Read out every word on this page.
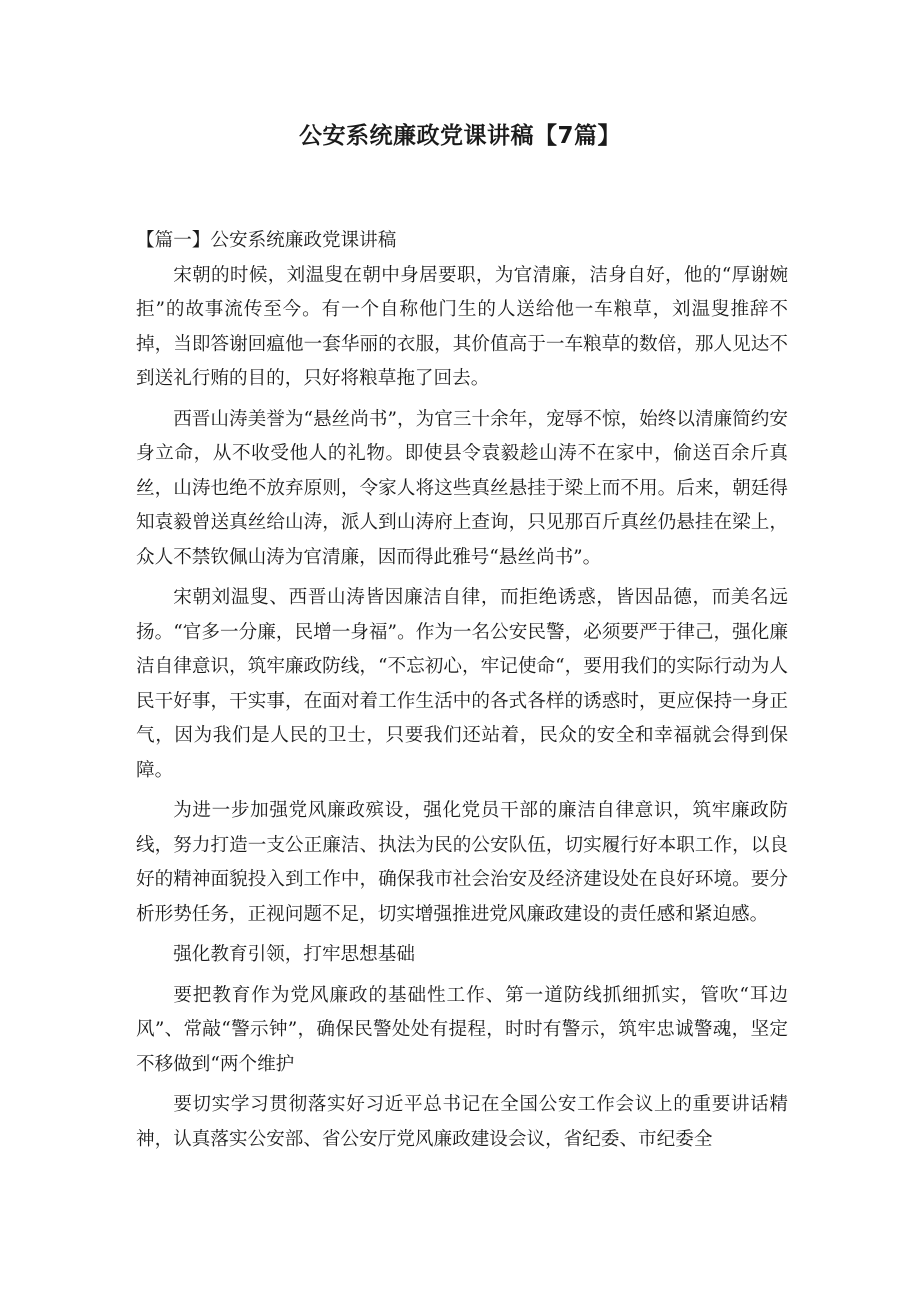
公安系统廉政党课讲稿【7篇】
【篇一】公安系统廉政党课讲稿

宋朝的时候，刘温叟在朝中身居要职，为官清廉，洁身自好，他的“厚谢婉拒”的故事流传至今。有一个自称他门生的人送给他一车粮草，刘温叟推辞不掉，当即答谢回瘟他一套华丽的衣服，其价值高于一车粮草的数倍，那人见达不到送礼行贿的目的，只好将粮草拖了回去。

西晋山涛美誉为“悬丝尚书”，为官三十余年，宠辱不惊，始终以清廉简约安身立命，从不收受他人的礼物。即使县令袁毅趁山涛不在家中，偷送百余斤真丝，山涛也绝不放弃原则，令家人将这些真丝悬挂于梁上而不用。后来，朝廷得知袁毅曾送真丝给山涛，派人到山涛府上查询，只见那百斤真丝仍悬挂在梁上，众人不禁钦佩山涛为官清廉，因而得此雅号“悬丝尚书”。

宋朝刘温叟、西晋山涛皆因廉洁自律，而拒绝诱惑，皆因品德，而美名远扬。“官多一分廉，民增一身福”。作为一名公安民警，必须要严于律己，强化廉洁自律意识，筑牢廉政防线，“不忘初心，牢记使命“，要用我们的实际行动为人民干好事，干实事，在面对着工作生活中的各式各样的诱惑时，更应保持一身正气，因为我们是人民的卫士，只要我们还站着，民众的安全和幸福就会得到保障。

为进一步加强党风廉政殡设，强化党员干部的廉洁自律意识，筑牢廉政防线，努力打造一支公正廉洁、执法为民的公安队伍，切实履行好本职工作，以良好的精神面貌投入到工作中，确保我市社会治安及经济建设处在良好环境。要分析形势任务，正视问题不足，切实增强推进党风廉政建设的责任感和紧迫感。

强化教育引领，打牢思想基础

要把教育作为党风廉政的基础性工作、第一道防线抓细抓实，管吹“耳边风”、常敲“警示钟”，确保民警处处有提程，时时有警示，筑牢忠诚警魂，坚定不移做到“两个维护

要切实学习贯彻落实好习近平总书记在全国公安工作会议上的重要讲话精神，认真落实公安部、省公安厅党风廉政建设会议，省纪委、市纪委全
